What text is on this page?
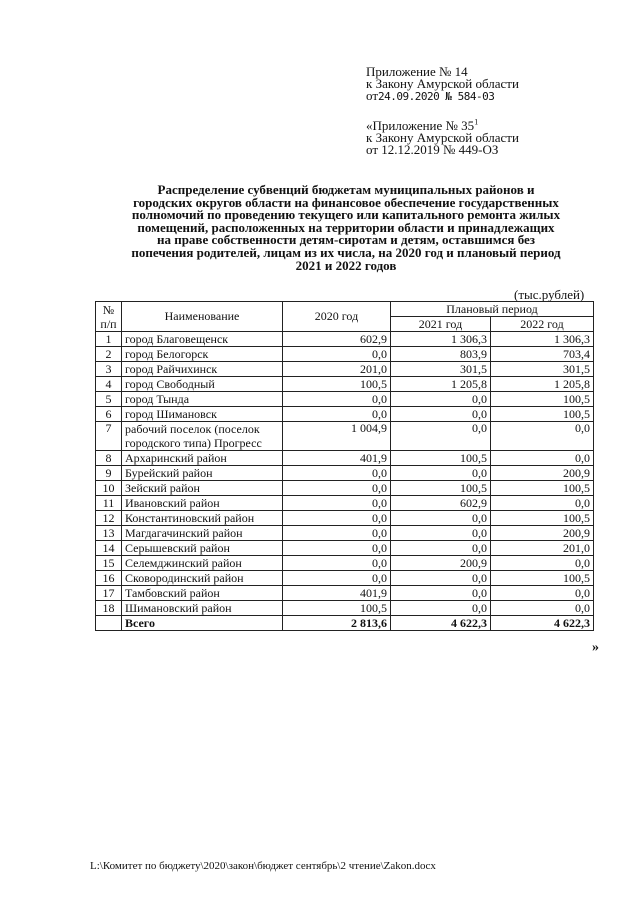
Приложение № 14
к Закону Амурской области
от24.09.2020 № 584-03
«Приложение № $35^1$
к Закону Амурской области
от 12.12.2019 № 449-ОЗ
Распределение субвенций бюджетам муниципальных районов и
городских округов области на финансовое обеспечение государственных
полномочий по проведению текущего или капитального ремонта жилых
помещений, расположенных на территории области и принадлежащих
на праве собственности детям-сиротам и детям, оставшимся без
попечения родителей, лицам из их числа, на 2020 год и плановый период
2021 и 2022 годов
(тыс.рублей)
№ п/п	Наименование	2020 год	Плановый период	
			2021 год	2022 год
1	город Благовещенск	602,9	1 306,3	1 306,3
2	город Белогорск	0,0	803,9	703,4
3	город Райчихинск	201,0	301,5	301,5
4	город Свободный	100,5	1 205,8	1 205,8
5	город Тында	0,0	0,0	100,5
6	город Шимановск	0,0	0,0	100,5
7	рабочий поселок (поселок городского типа) Прогресс	1 004,9	0,0	0,0
8	Архаринский район	401,9	100,5	0,0
9	Бурейский район	0,0	0,0	200,9
10	Зейский район	0,0	100,5	100,5
11	Ивановский район	0,0	602,9	0,0
12	Константиновский район	0,0	0,0	100,5
13	Магдагачинский район	0,0	0,0	200,9
14	Серышевский район	0,0	0,0	201,0
15	Селемджинский район	0,0	200,9	0,0
16	Сковородинский район	0,0	0,0	100,5
17	Тамбовский район	401,9	0,0	0,0
18	Шимановский район	100,5	0,0	0,0
	Всего	2 813,6	4 622,3	4 622,3
»
L:\Комитет по бюджету\2020\закон\бюджет сентябрь\2 чтение\Zakon.docx
